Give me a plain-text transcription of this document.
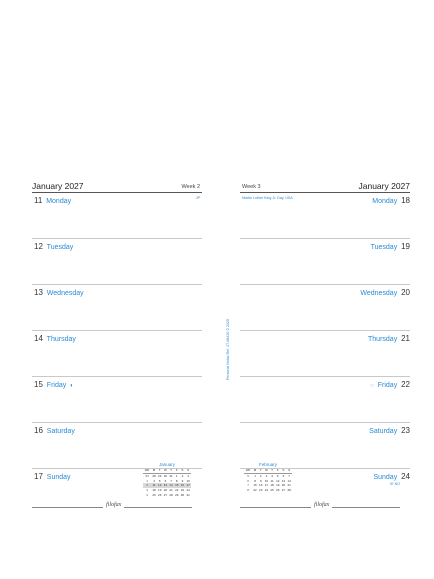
January 2027	Week 2
11 Monday	JP
12 Tuesday
13 Wednesday
14 Thursday
15 Friday ◐
16 Saturday
17 Sunday
Week 3	January 2027
Martin Luther King Jr. Day, USA	Monday 18
Tuesday 19
Wednesday 20
Thursday 21
○ Friday 22
Saturday 23
Sunday 24
IE NO
January
WK	M	T	W	T	F	S	S
53	28	29	30	31	1	2	3
1	4	5	6	7	8	9	10
2	11	12	13	14	15	16	17
3	18	19	20	21	22	23	24
4	25	26	27	28	29	30	31
February
WK	M	T	W	T	F	S	S
5	1	2	3	4	5	6	7
6	8	9	10	11	12	13	14
7	15	16	17	18	19	20	21
8	22	23	24	25	26	27	28
Personal filofax Ref. 27-68420 © 2025
filofax	filofax
